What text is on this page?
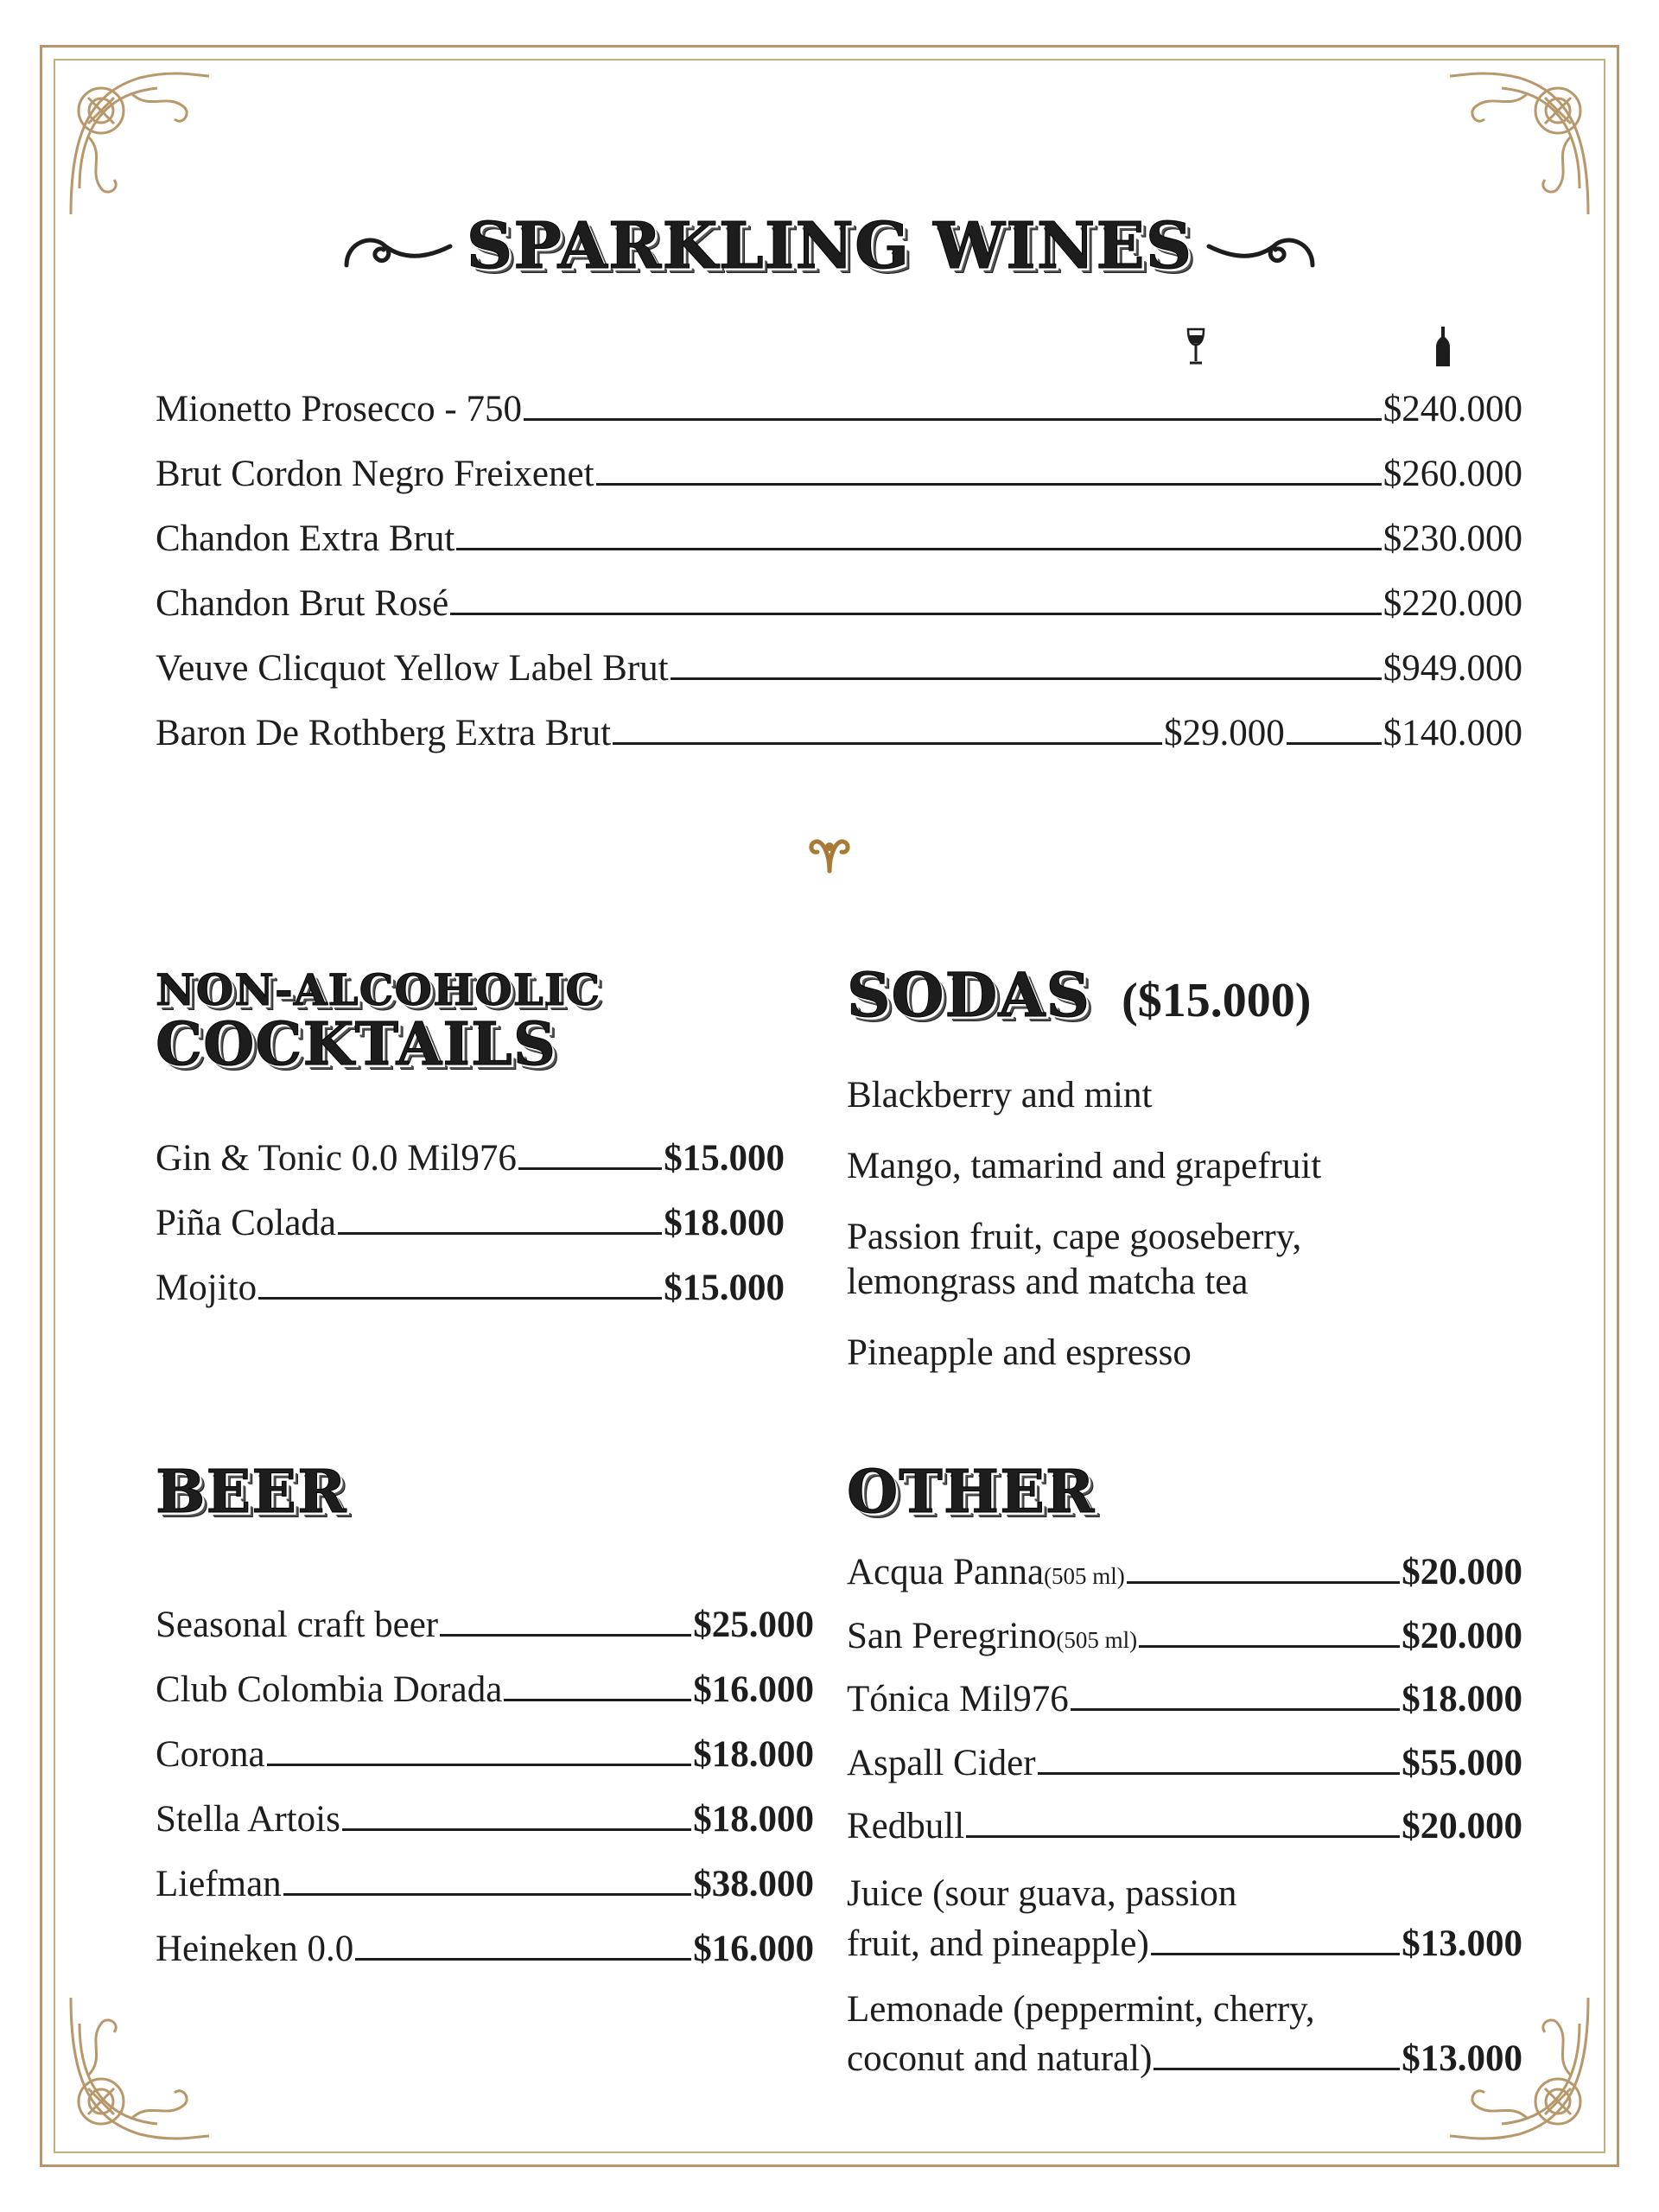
SPARKLING WINES
Mionetto Prosecco - 750	$240.000
Brut Cordon Negro Freixenet	$260.000
Chandon Extra Brut	$230.000
Chandon Brut Rosé	$220.000
Veuve Clicquot Yellow Label Brut	$949.000
Baron De Rothberg Extra Brut	$29.000	$140.000
NON-ALCOHOLIC
COCKTAILS
Gin & Tonic 0.0 Mil976	$15.000
Piña Colada	$18.000
Mojito	$15.000
SODAS ($15.000)
Blackberry and mint
Mango, tamarind and grapefruit
Passion fruit, cape gooseberry,
lemongrass and matcha tea
Pineapple and espresso
BEER
Seasonal craft beer	$25.000
Club Colombia Dorada	$16.000
Corona	$18.000
Stella Artois	$18.000
Liefman	$38.000
Heineken 0.0	$16.000
OTHER
Acqua Panna (505 ml)	$20.000
San Peregrino (505 ml)	$20.000
Tónica Mil976	$18.000
Aspall Cider	$55.000
Redbull	$20.000
Juice (sour guava, passion
fruit, and pineapple)	$13.000
Lemonade (peppermint, cherry,
coconut and natural)	$13.000
